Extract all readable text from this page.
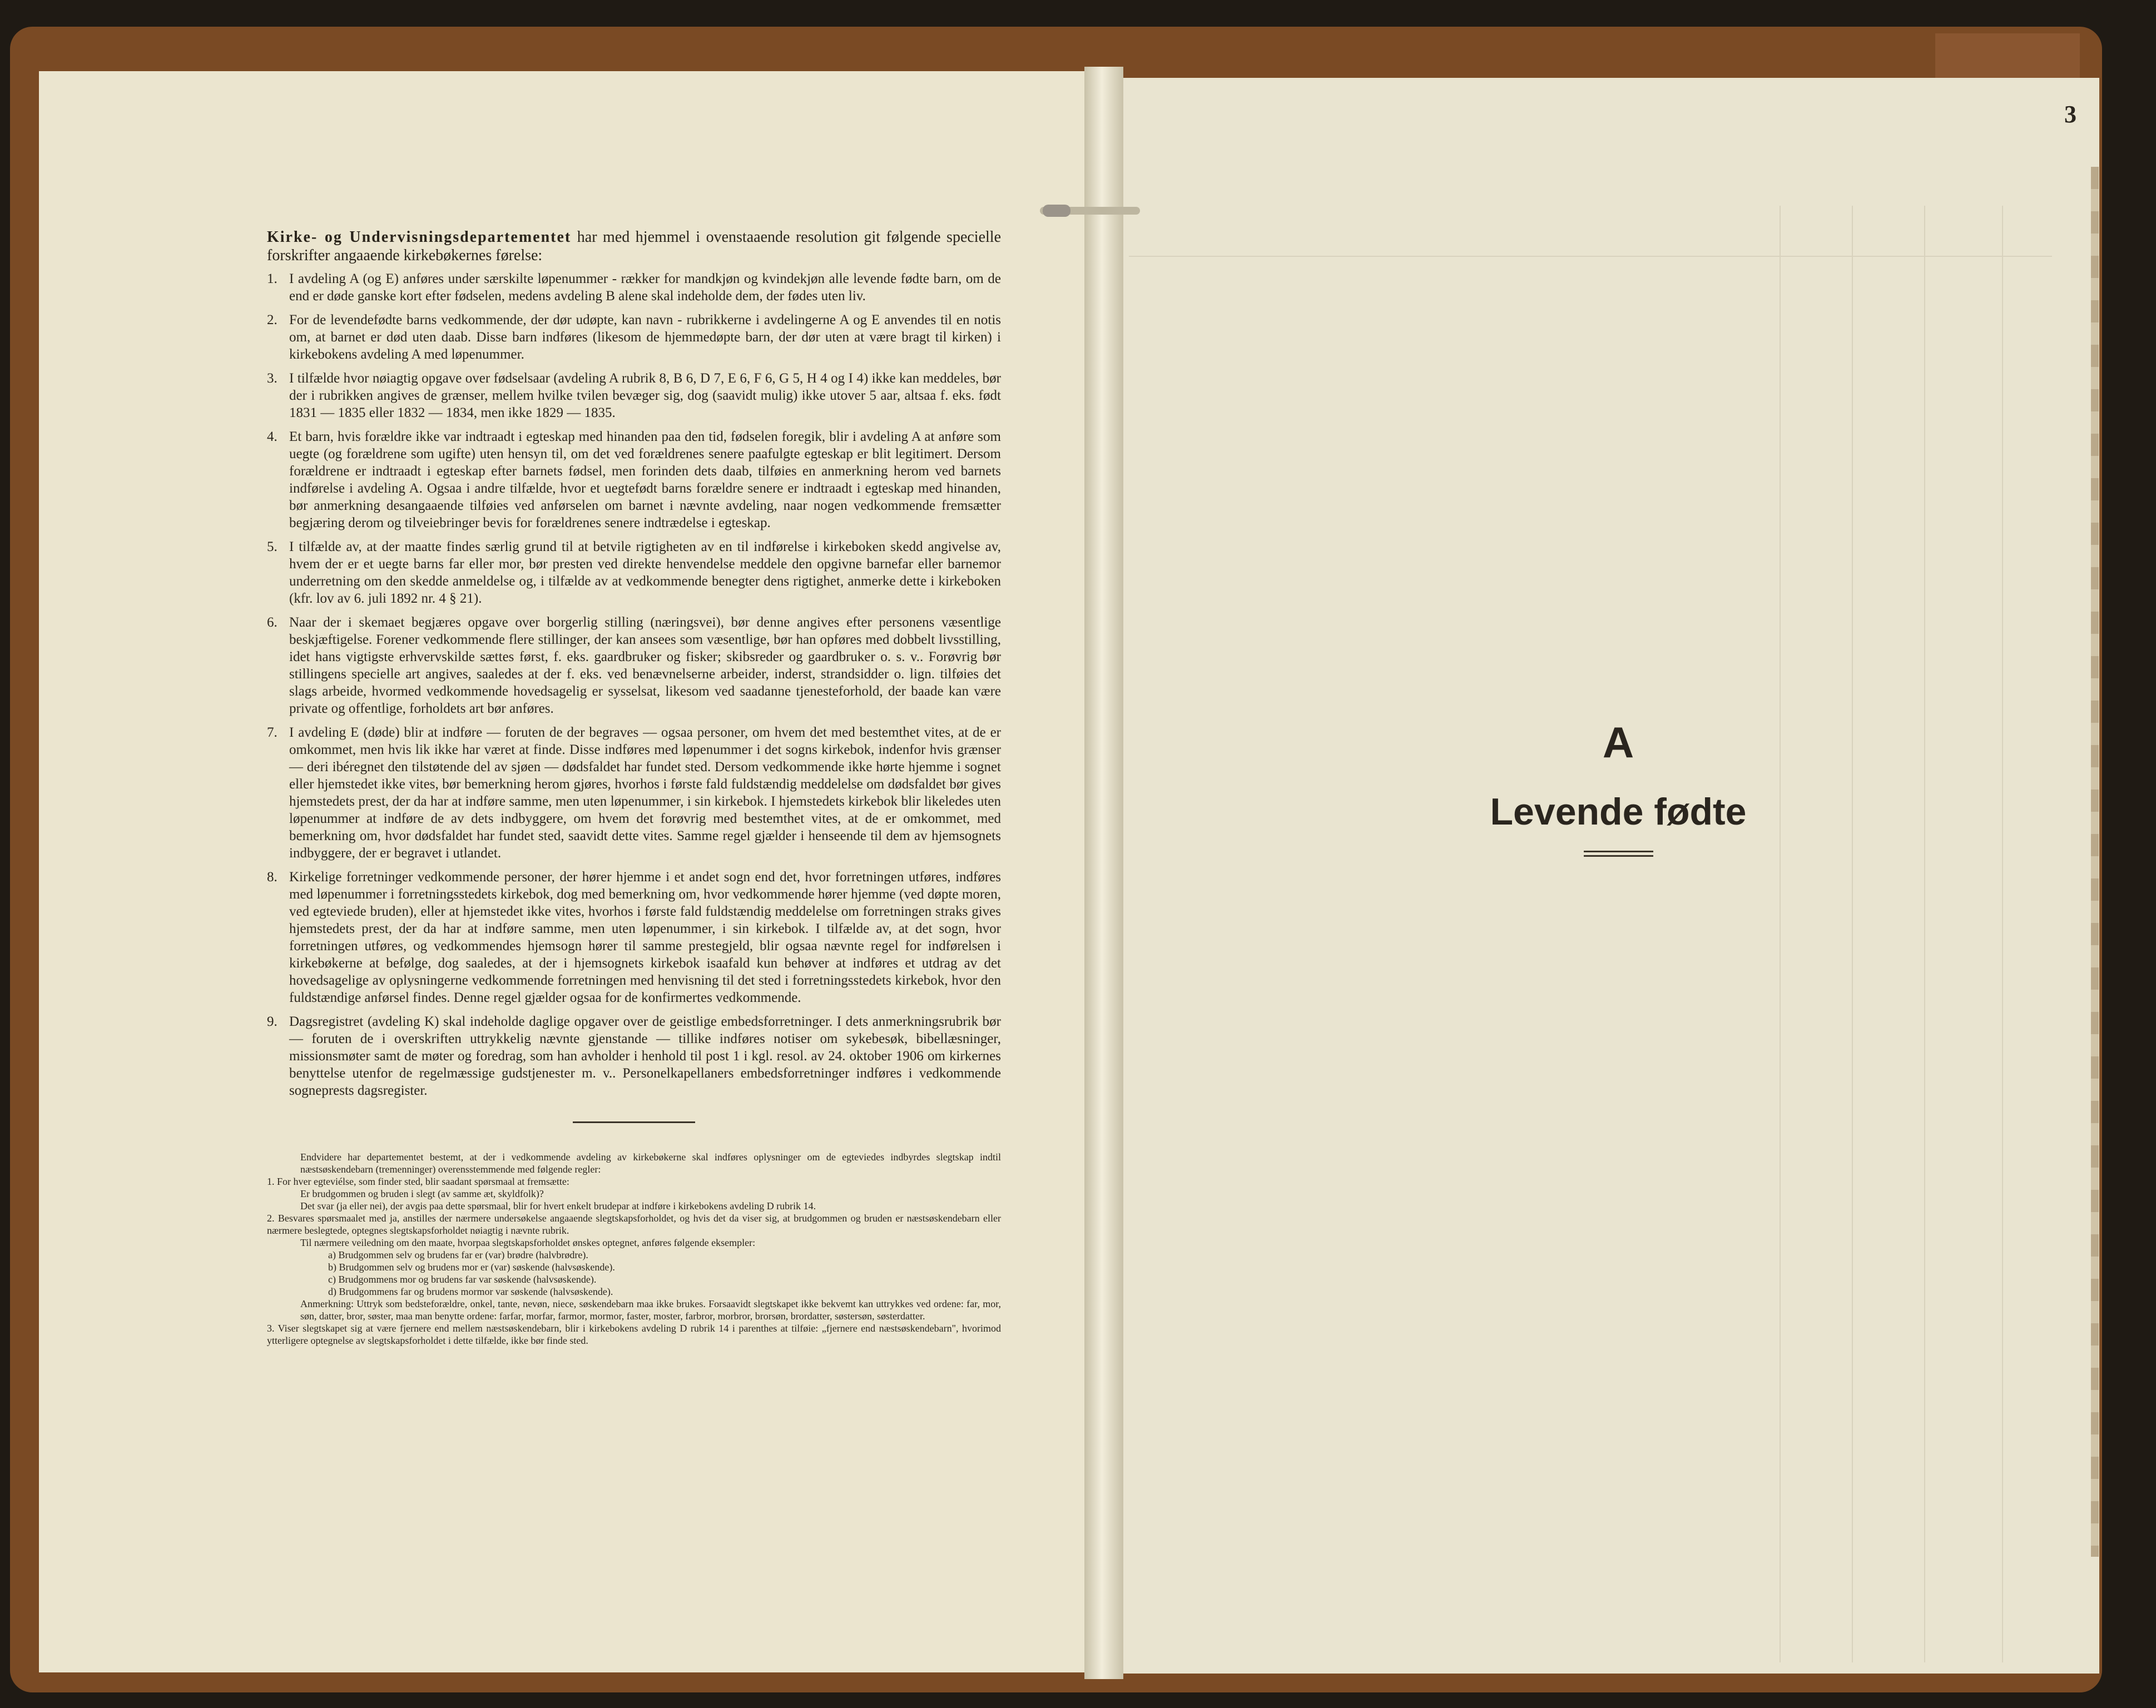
Kirke- og Undervisningsdepartementet har med hjemmel i ovenstaaende resolution git følgende specielle forskrifter angaaende kirkebøkernes førelse:

1. I avdeling A (og E) anføres under særskilte løpenummer - rækker for mandkjøn og kvindekjøn alle levende fødte barn, om de end er døde ganske kort efter fødselen, medens avdeling B alene skal indeholde dem, der fødes uten liv.
2. For de levendefødte barns vedkommende, der dør udøpte, kan navn - rubrikkerne i avdelingerne A og E anvendes til en notis om, at barnet er død uten daab. Disse barn indføres (likesom de hjemmedøpte barn, der dør uten at være bragt til kirken) i kirkebokens avdeling A med løpenummer.
3. I tilfælde hvor nøiagtig opgave over fødselsaar (avdeling A rubrik 8, B 6, D 7, E 6, F 6, G 5, H 4 og I 4) ikke kan meddeles, bør der i rubrikken angives de grænser, mellem hvilke tvilen bevæger sig, dog (saavidt mulig) ikke utover 5 aar, altsaa f. eks. født 1831 — 1835 eller 1832 — 1834, men ikke 1829 — 1835.
4. Et barn, hvis forældre ikke var indtraadt i egteskap med hinanden paa den tid, fødselen foregik, blir i avdeling A at anføre som uegte (og forældrene som ugifte) uten hensyn til, om det ved forældrenes senere paafulgte egteskap er blit legitimert. Dersom forældrene er indtraadt i egteskap efter barnets fødsel, men forinden dets daab, tilføies en anmerkning herom ved barnets indførelse i avdeling A. Ogsaa i andre tilfælde, hvor et uegtefødt barns forældre senere er indtraadt i egteskap med hinanden, bør anmerkning desangaaende tilføies ved anførselen om barnet i nævnte avdeling, naar nogen vedkommende fremsætter begjæring derom og tilveiebringer bevis for forældrenes senere indtrædelse i egteskap.
5. I tilfælde av, at der maatte findes særlig grund til at betvile rigtigheten av en til indførelse i kirkeboken skedd angivelse av, hvem der er et uegte barns far eller mor, bør presten ved direkte henvendelse meddele den opgivne barnefar eller barnemor underretning om den skedde anmeldelse og, i tilfælde av at vedkommende benegter dens rigtighet, anmerke dette i kirkeboken (kfr. lov av 6. juli 1892 nr. 4 § 21).
6. Naar der i skemaet begjæres opgave over borgerlig stilling (næringsvei), bør denne angives efter personens væsentlige beskjæftigelse. Forener vedkommende flere stillinger, der kan ansees som væsentlige, bør han opføres med dobbelt livsstilling, idet hans vigtigste erhvervskilde sættes først, f. eks. gaardbruker og fisker; skibsreder og gaardbruker o. s. v.. Forøvrig bør stillingens specielle art angives, saaledes at der f. eks. ved benævnelserne arbeider, inderst, strandsidder o. lign. tilføies det slags arbeide, hvormed vedkommende hovedsagelig er sysselsat, likesom ved saadanne tjenesteforhold, der baade kan være private og offentlige, forholdets art bør anføres.
7. I avdeling E (døde) blir at indføre — foruten de der begraves — ogsaa personer, om hvem det med bestemthet vites, at de er omkommet, men hvis lik ikke har været at finde. Disse indføres med løpenummer i det sogns kirkebok, indenfor hvis grænser — deri ibéregnet den tilstøtende del av sjøen — dødsfaldet har fundet sted. Dersom vedkommende ikke hørte hjemme i sognet eller hjemstedet ikke vites, bør bemerkning herom gjøres, hvorhos i første fald fuldstændig meddelelse om dødsfaldet bør gives hjemstedets prest, der da har at indføre samme, men uten løpenummer, i sin kirkebok. I hjemstedets kirkebok blir likeledes uten løpenummer at indføre de av dets indbyggere, om hvem det forøvrig med bestemthet vites, at de er omkommet, med bemerkning om, hvor dødsfaldet har fundet sted, saavidt dette vites. Samme regel gjælder i henseende til dem av hjemsognets indbyggere, der er begravet i utlandet.
8. Kirkelige forretninger vedkommende personer, der hører hjemme i et andet sogn end det, hvor forretningen utføres, indføres med løpenummer i forretningsstedets kirkebok, dog med bemerkning om, hvor vedkommende hører hjemme (ved døpte moren, ved egteviede bruden), eller at hjemstedet ikke vites, hvorhos i første fald fuldstændig meddelelse om forretningen straks gives hjemstedets prest, der da har at indføre samme, men uten løpenummer, i sin kirkebok. I tilfælde av, at det sogn, hvor forretningen utføres, og vedkommendes hjemsogn hører til samme prestegjeld, blir ogsaa nævnte regel for indførelsen i kirkebøkerne at befølge, dog saaledes, at der i hjemsognets kirkebok isaafald kun behøver at indføres et utdrag av det hovedsagelige av oplysningerne vedkommende forretningen med henvisning til det sted i forretningsstedets kirkebok, hvor den fuldstændige anførsel findes. Denne regel gjælder ogsaa for de konfirmertes vedkommende.
9. Dagsregistret (avdeling K) skal indeholde daglige opgaver over de geistlige embedsforretninger. I dets anmerkningsrubrik bør — foruten de i overskriften uttrykkelig nævnte gjenstande — tillike indføres notiser om sykebesøk, bibellæsninger, missionsmøter samt de møter og foredrag, som han avholder i henhold til post 1 i kgl. resol. av 24. oktober 1906 om kirkernes benyttelse utenfor de regelmæssige gudstjenester m. v.. Personelkapellaners embedsforretninger indføres i vedkommende sogneprests dagsregister.

Endvidere har departementet bestemt, at der i vedkommende avdeling av kirkebøkerne skal indføres oplysninger om de egteviedes indbyrdes slegtskap indtil næstsøskendebarn (tremenninger) overensstemmende med følgende regler:

1. For hver egteviélse, som finder sted, blir saadant spørsmaal at fremsætte:

Er brudgommen og bruden i slegt (av samme æt, skyldfolk)?

Det svar (ja eller nei), der avgis paa dette spørsmaal, blir for hvert enkelt brudepar at indføre i kirkebokens avdeling D rubrik 14.

2. Besvares spørsmaalet med ja, anstilles der nærmere undersøkelse angaaende slegtskapsforholdet, og hvis det da viser sig, at brudgommen og bruden er næstsøskendebarn eller nærmere beslegtede, optegnes slegtskapsforholdet nøiagtig i nævnte rubrik.

Til nærmere veiledning om den maate, hvorpaa slegtskapsforholdet ønskes optegnet, anføres følgende eksempler:

a) Brudgommen selv og brudens far er (var) brødre (halvbrødre).

b) Brudgommen selv og brudens mor er (var) søskende (halvsøskende).

c) Brudgommens mor og brudens far var søskende (halvsøskende).

d) Brudgommens far og brudens mormor var søskende (halvsøskende).

Anmerkning: Uttryk som bedsteforældre, onkel, tante, nevøn, niece, søskendebarn maa ikke brukes. Forsaavidt slegtskapet ikke bekvemt kan uttrykkes ved ordene: far, mor, søn, datter, bror, søster, maa man benytte ordene: farfar, morfar, farmor, mormor, faster, moster, farbror, morbror, brorsøn, brordatter, søstersøn, søsterdatter.

3. Viser slegtskapet sig at være fjernere end mellem næstsøskendebarn, blir i kirkebokens avdeling D rubrik 14 i parenthes at tilføie: „fjernere end næstsøskendebarn", hvorimod ytterligere optegnelse av slegtskapsforholdet i dette tilfælde, ikke bør finde sted.

3
A
Levende fødte
